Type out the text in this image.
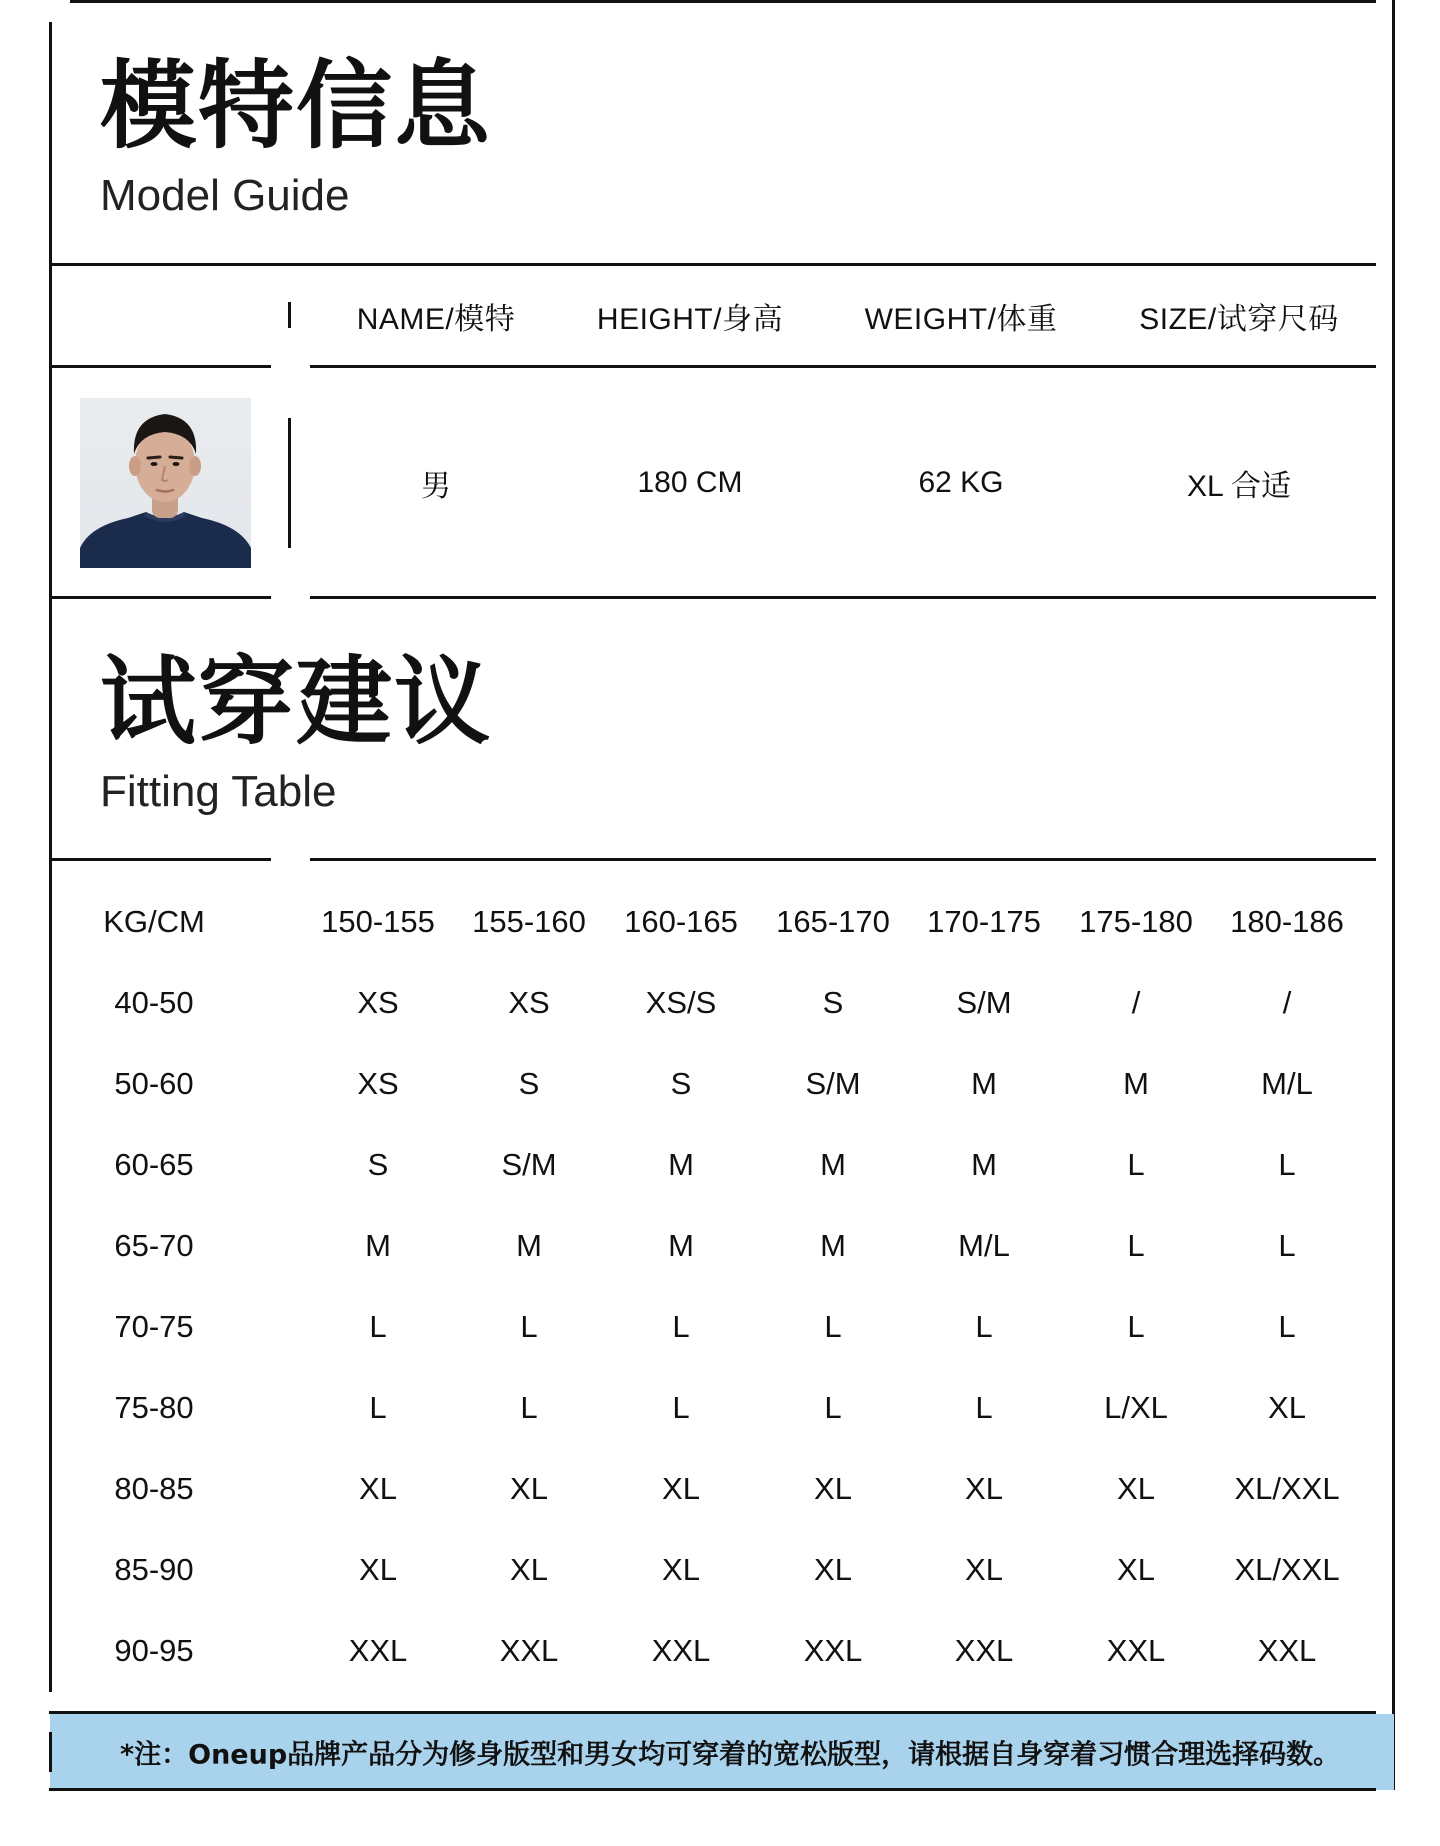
模特信息
Model Guide
NAME/模特	HEIGHT/身高	WEIGHT/体重	SIZE/试穿尺码
男	180 CM	62 KG	XL 合适
试穿建议
Fitting Table
KG/CM	150-155 155-160 160-165 165-170 170-175 175-180 180-186
40-50	XS	XS	XS/S	S	S/M	/	/
50-60	XS	S	S	S/M	M	M	M/L
60-65	S	S/M	M	M	M	L	L
65-70	M	M	M	M	M/L	L	L
70-75	L	L	L	L	L	L	L
75-80	L	L	L	L	L	L/XL	XL
80-85	XL	XL	XL	XL	XL	XL	XL/XXL
85-90	XL	XL	XL	XL	XL	XL	XL/XXL
90-95	XXL	XXL	XXL	XXL	XXL	XXL	XXL
*注：Oneup品牌产品分为修身版型和男女均可穿着的宽松版型，请根据自身穿着习惯合理选择码数。
